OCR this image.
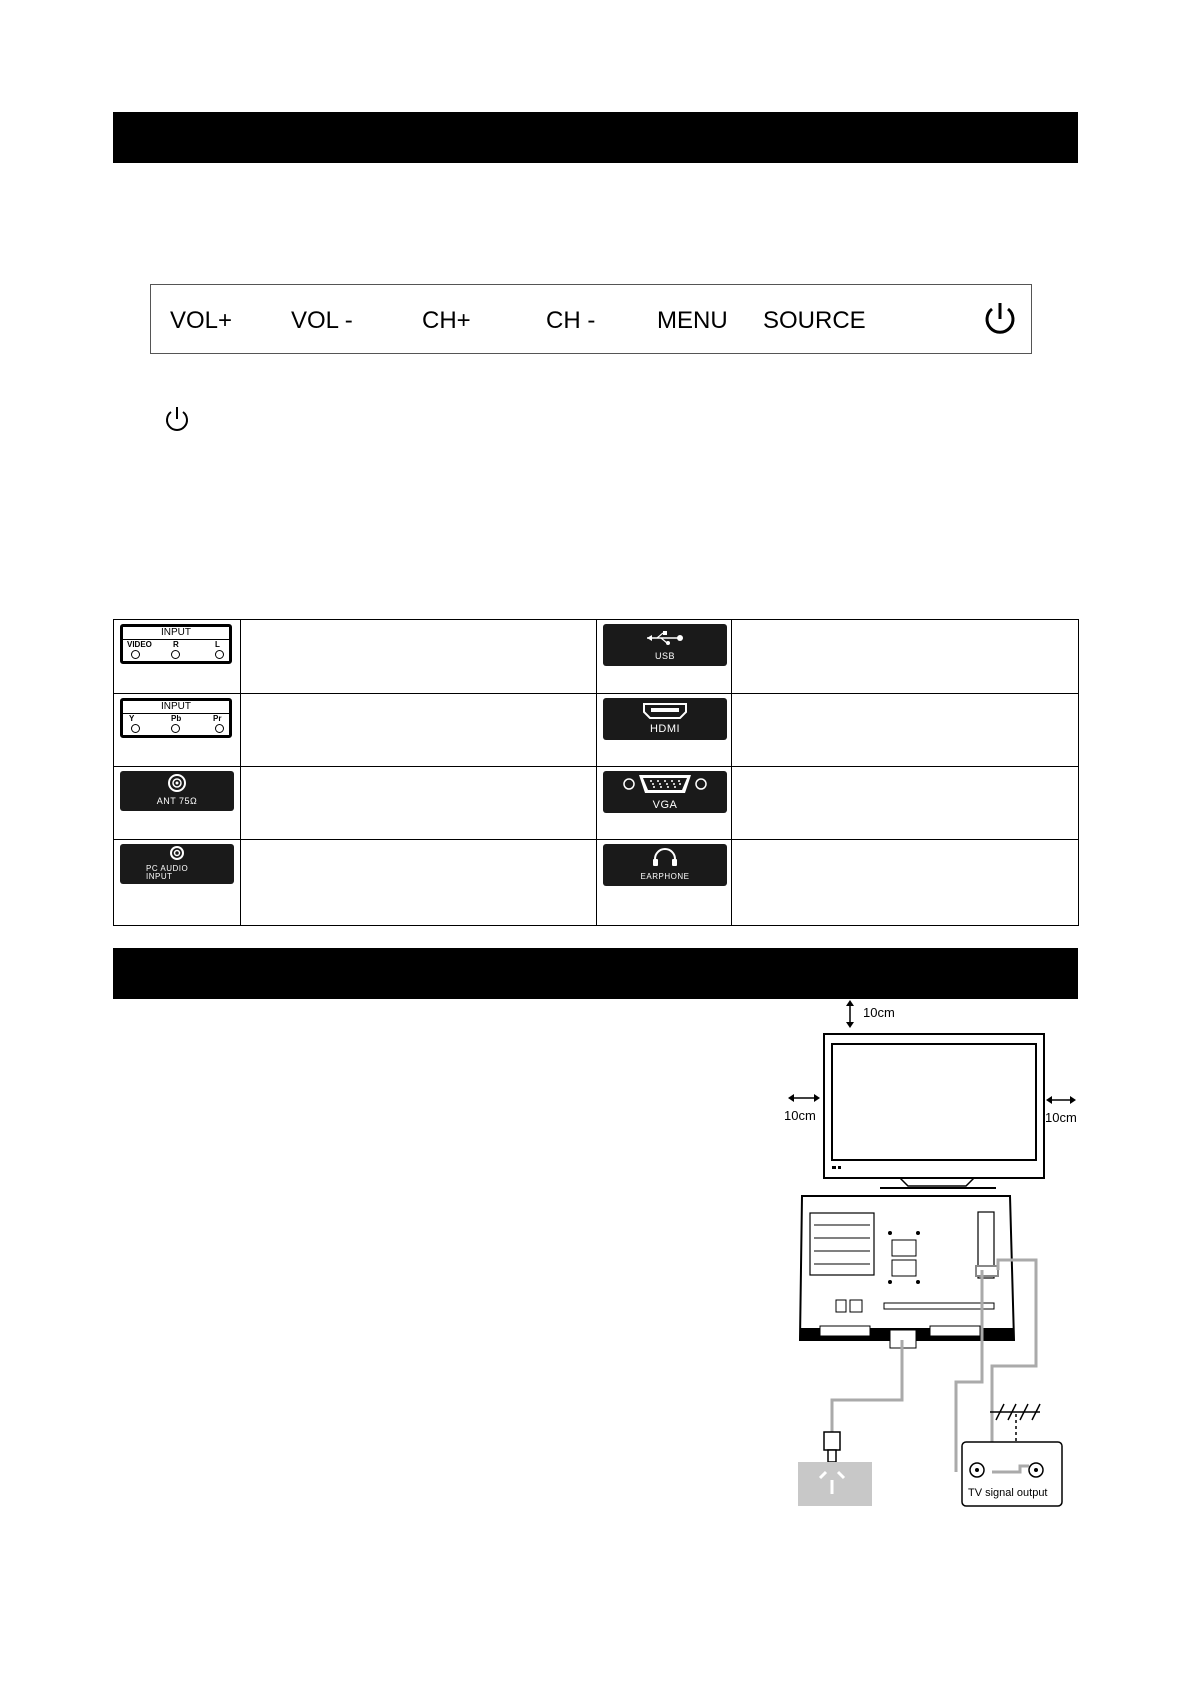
VOL+ VOL -	CH+	CH -	MENU SOURCE
INPUT
VIDEO R L		USB	

INPUT
Y Pb Pr		HDMI	

ANT 75Ω		VGA	

PC AUDIO INPUT		EARPHONE	

10cm
10cm	10cm
TV signal output
